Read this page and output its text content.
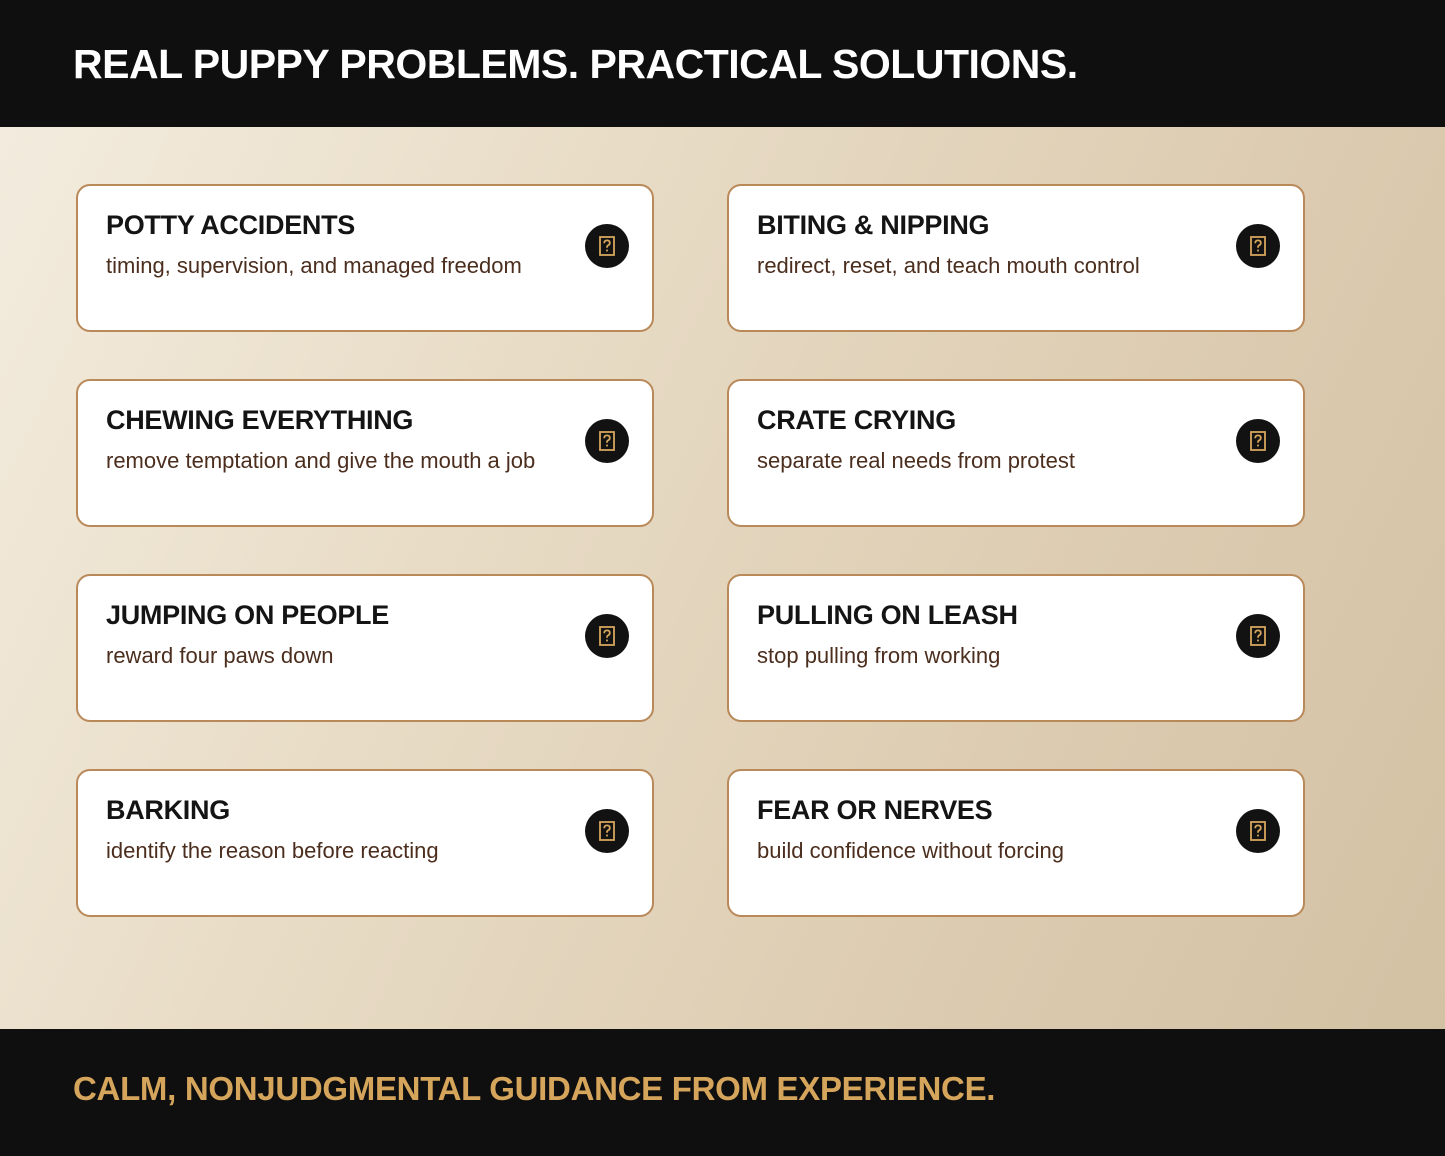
REAL PUPPY PROBLEMS. PRACTICAL SOLUTIONS.
POTTY ACCIDENTS
timing, supervision, and managed freedom
BITING & NIPPING
redirect, reset, and teach mouth control
CHEWING EVERYTHING
remove temptation and give the mouth a job
CRATE CRYING
separate real needs from protest
JUMPING ON PEOPLE
reward four paws down
PULLING ON LEASH
stop pulling from working
BARKING
identify the reason before reacting
FEAR OR NERVES
build confidence without forcing

CALM, NONJUDGMENTAL GUIDANCE FROM EXPERIENCE.
